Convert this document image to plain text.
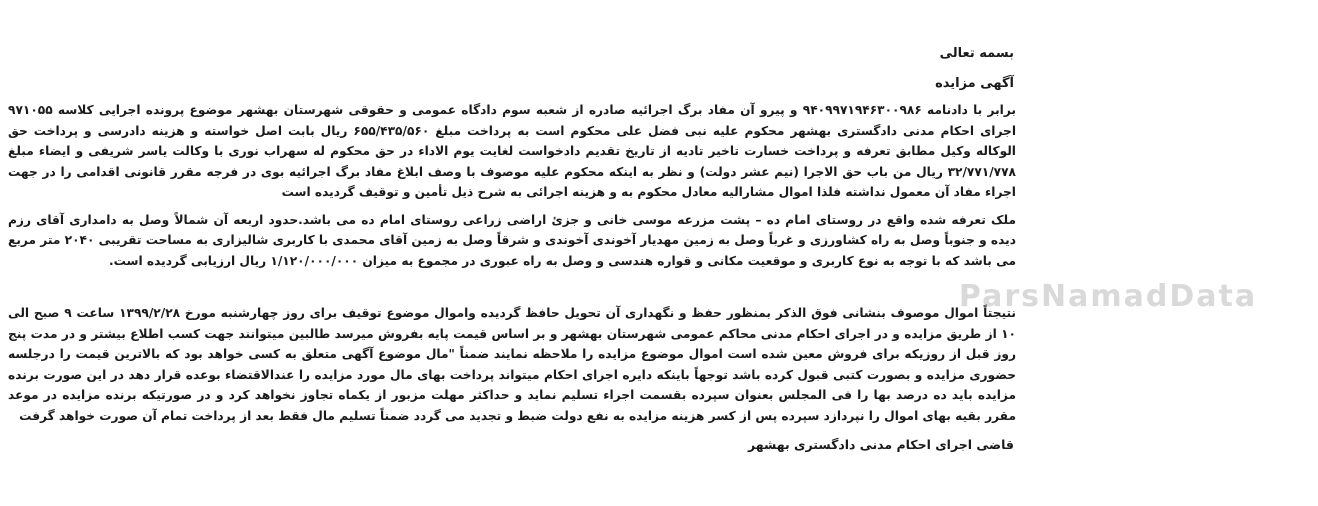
ParsNamadData
بسمه تعالی
آگهی مزایده

برابر با دادنامه ۹۴۰۹۹۷۱۹۴۶۳۰۰۹۸۶ و پیرو آن مفاد برگ اجرائیه صادره از شعبه سوم دادگاه عمومی و حقوقی شهرستان بهشهر موضوع پرونده اجرایی کلاسه ۹۷۱۰۵۵ اجرای احکام مدنی دادگستری بهشهر محکوم علیه نبی فضل علی محکوم است به پرداخت مبلغ ۶۵۵/۴۳۵/۵۶۰ ریال بابت اصل خواسته و هزینه دادرسی و پرداخت حق الوکاله وکیل مطابق تعرفه و پرداخت خسارت تاخیر تادیه از تاریخ تقدیم دادخواست لغایت یوم الاداء در حق محکوم له سهراب نوری با وکالت یاسر شریفی و ایضاء مبلغ ۳۲/۷۷۱/۷۷۸ ریال من باب حق الاجرا (نیم عشر دولت) و نظر به اینکه محکوم علیه موصوف با وصف ابلاغ مفاد برگ اجرائیه بوی در فرجه مقرر قانونی اقدامی را در جهت اجراء مفاد آن معمول نداشته فلذا اموال مشارالیه معادل محکوم به و هزینه اجرائی به شرح ذیل تأمین و توقیف گردیده است

ملک تعرفه شده واقع در روستای امام ده – پشت مزرعه موسی خانی و جزئ اراضی زراعی روستای امام ده می باشد.حدود اربعه آن شمالاً وصل به دامداری آقای رزم دیده و جنوباً وصل به راه کشاورزی و غرباً وصل به زمین مهدیار آخوندی آخوندی و شرقاً وصل به زمین آقای محمدی با کاربری شالیزاری به مساحت تقریبی ۲۰۴۰ متر مربع می باشد که با توجه به نوع کاربری و موقعیت مکانی و قواره هندسی و وصل به راه عبوری در مجموع به میزان ۱/۱۲۰/۰۰۰/۰۰۰ ریال ارزیابی گردیده است.

نتیجتاً اموال موصوف بنشانی فوق الذکر بمنظور حفظ و نگهداری آن تحویل حافظ گردیده واموال موضوع توقیف برای روز چهارشنبه مورخ ۱۳۹۹/۲/۲۸ ساعت ۹ صبح الی ۱۰ از طریق مزایده و در اجرای احکام مدنی محاکم عمومی شهرستان بهشهر و بر اساس قیمت پایه بفروش میرسد طالبین میتوانند جهت کسب اطلاع بیشتر و در مدت پنج روز قبل از روزیکه برای فروش معین شده است اموال موضوع مزایده را ملاحظه نمایند ضمناً "مال موضوع آگهی متعلق به کسی خواهد بود که بالاترین قیمت را درجلسه حضوری مزایده و بصورت کتبی قبول کرده باشد توجهاً باینکه دایره اجرای احکام میتواند پرداخت بهای مال مورد مزایده را عندالاقتضاء بوعده قرار دهد در این صورت برنده مزایده باید ده درصد بها را فی المجلس بعنوان سپرده بقسمت اجراء تسلیم نماید و حداکثر مهلت مزبور از یکماه تجاوز نخواهد کرد و در صورتیکه برنده مزایده در موعد مقرر بقیه بهای اموال را نپردازد سپرده پس از کسر هزینه مزایده به نفع دولت ضبط و تجدید می گردد ضمناً تسلیم مال فقط بعد از پرداخت تمام آن صورت خواهد گرفت

قاضی اجرای احکام مدنی دادگستری بهشهر
